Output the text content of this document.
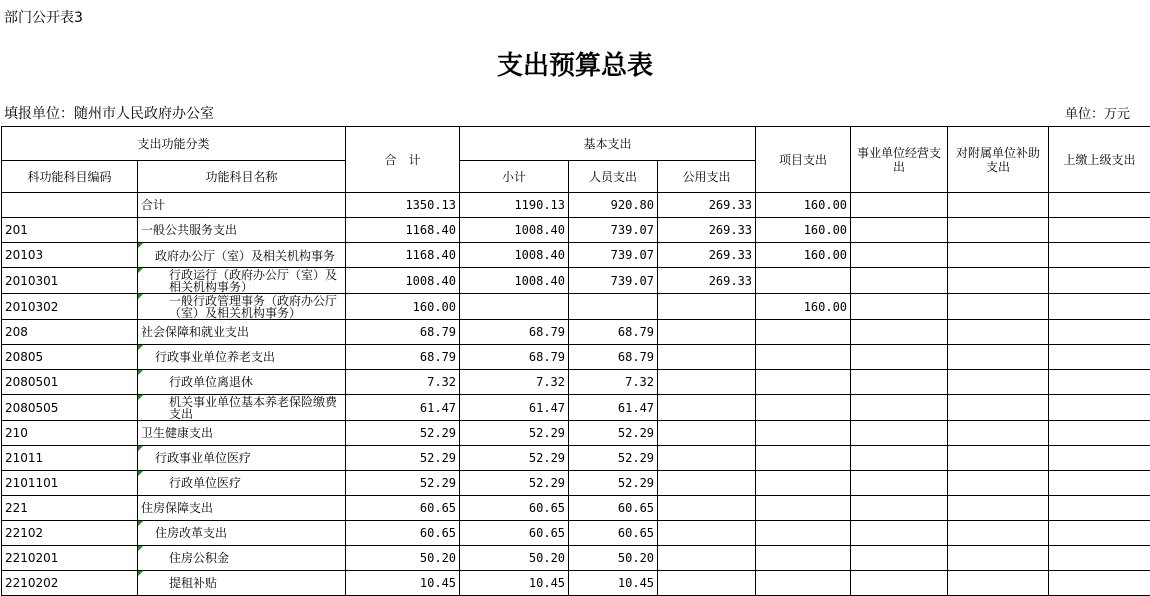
部门公开表3
支出预算总表
填报单位：随州市人民政府办公室	单位：万元
支出功能分类		合　计	基本支出			项目支出	事业单位经营支出	对附属单位补助支出	上缴上级支出
科功能科目编码	功能科目名称		小计	人员支出	公用支出				
	合计	1350.13	1190.13	920.80	269.33	160.00			
201	一般公共服务支出	1168.40	1008.40	739.07	269.33	160.00			
20103	政府办公厅（室）及相关机构事务	1168.40	1008.40	739.07	269.33	160.00			
2010301	行政运行（政府办公厅（室）及相关机构事务）	1008.40	1008.40	739.07	269.33				
2010302	一般行政管理事务（政府办公厅（室）及相关机构事务）	160.00				160.00			
208	社会保障和就业支出	68.79	68.79	68.79					
20805	行政事业单位养老支出	68.79	68.79	68.79					
2080501	行政单位离退休	7.32	7.32	7.32					
2080505	机关事业单位基本养老保险缴费支出	61.47	61.47	61.47					
210	卫生健康支出	52.29	52.29	52.29					
21011	行政事业单位医疗	52.29	52.29	52.29					
2101101	行政单位医疗	52.29	52.29	52.29					
221	住房保障支出	60.65	60.65	60.65					
22102	住房改革支出	60.65	60.65	60.65					
2210201	住房公积金	50.20	50.20	50.20					
2210202	提租补贴	10.45	10.45	10.45					
